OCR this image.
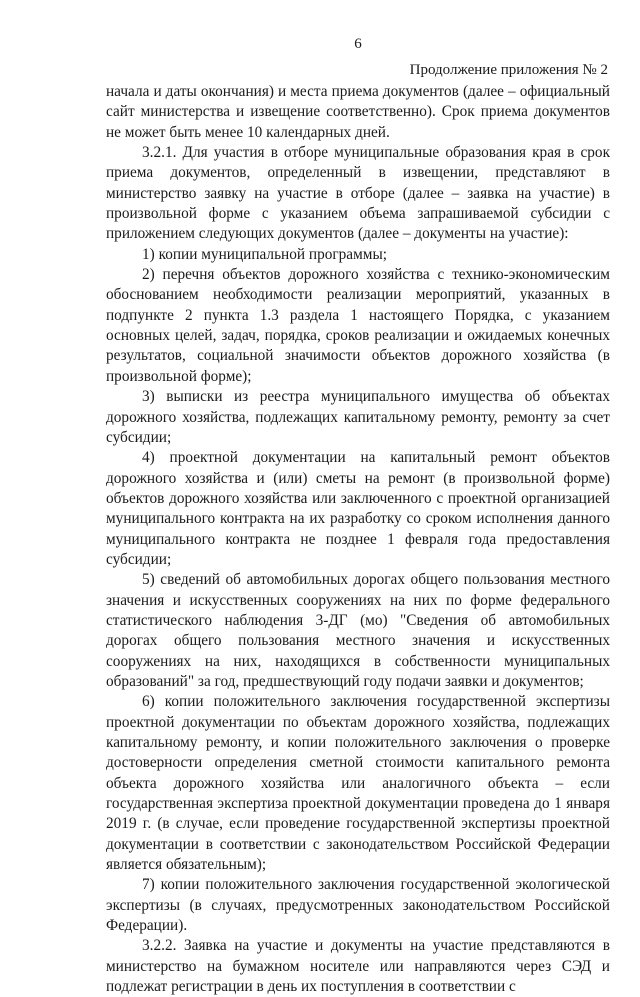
6
Продолжение приложения № 2

начала и даты окончания) и места приема документов (далее – официальный сайт министерства и извещение соответственно). Срок приема документов не может быть менее 10 календарных дней.

3.2.1. Для участия в отборе муниципальные образования края в срок приема документов, определенный в извещении, представляют в министерство заявку на участие в отборе (далее – заявка на участие) в произвольной форме с указанием объема запрашиваемой субсидии с приложением следующих документов (далее – документы на участие):

1) копии муниципальной программы;

2) перечня объектов дорожного хозяйства с технико-экономическим обоснованием необходимости реализации мероприятий, указанных в подпункте 2 пункта 1.3 раздела 1 настоящего Порядка, с указанием основных целей, задач, порядка, сроков реализации и ожидаемых конечных результатов, социальной значимости объектов дорожного хозяйства (в произвольной форме);

3) выписки из реестра муниципального имущества об объектах дорожного хозяйства, подлежащих капитальному ремонту, ремонту за счет субсидии;

4) проектной документации на капитальный ремонт объектов дорожного хозяйства и (или) сметы на ремонт (в произвольной форме) объектов дорожного хозяйства или заключенного с проектной организацией муниципального контракта на их разработку со сроком исполнения данного муниципального контракта не позднее 1 февраля года предоставления субсидии;

5) сведений об автомобильных дорогах общего пользования местного значения и искусственных сооружениях на них по форме федерального статистического наблюдения 3-ДГ (мо) "Сведения об автомобильных дорогах общего пользования местного значения и искусственных сооружениях на них, находящихся в собственности муниципальных образований" за год, предшествующий году подачи заявки и документов;

6) копии положительного заключения государственной экспертизы проектной документации по объектам дорожного хозяйства, подлежащих капитальному ремонту, и копии положительного заключения о проверке достоверности определения сметной стоимости капитального ремонта объекта дорожного хозяйства или аналогичного объекта – если государственная экспертиза проектной документации проведена до 1 января 2019 г. (в случае, если проведение государственной экспертизы проектной документации в соответствии с законодательством Российской Федерации является обязательным);

7) копии положительного заключения государственной экологической экспертизы (в случаях, предусмотренных законодательством Российской Федерации).

3.2.2. Заявка на участие и документы на участие представляются в министерство на бумажном носителе или направляются через СЭД и подлежат регистрации в день их поступления в соответствии с
